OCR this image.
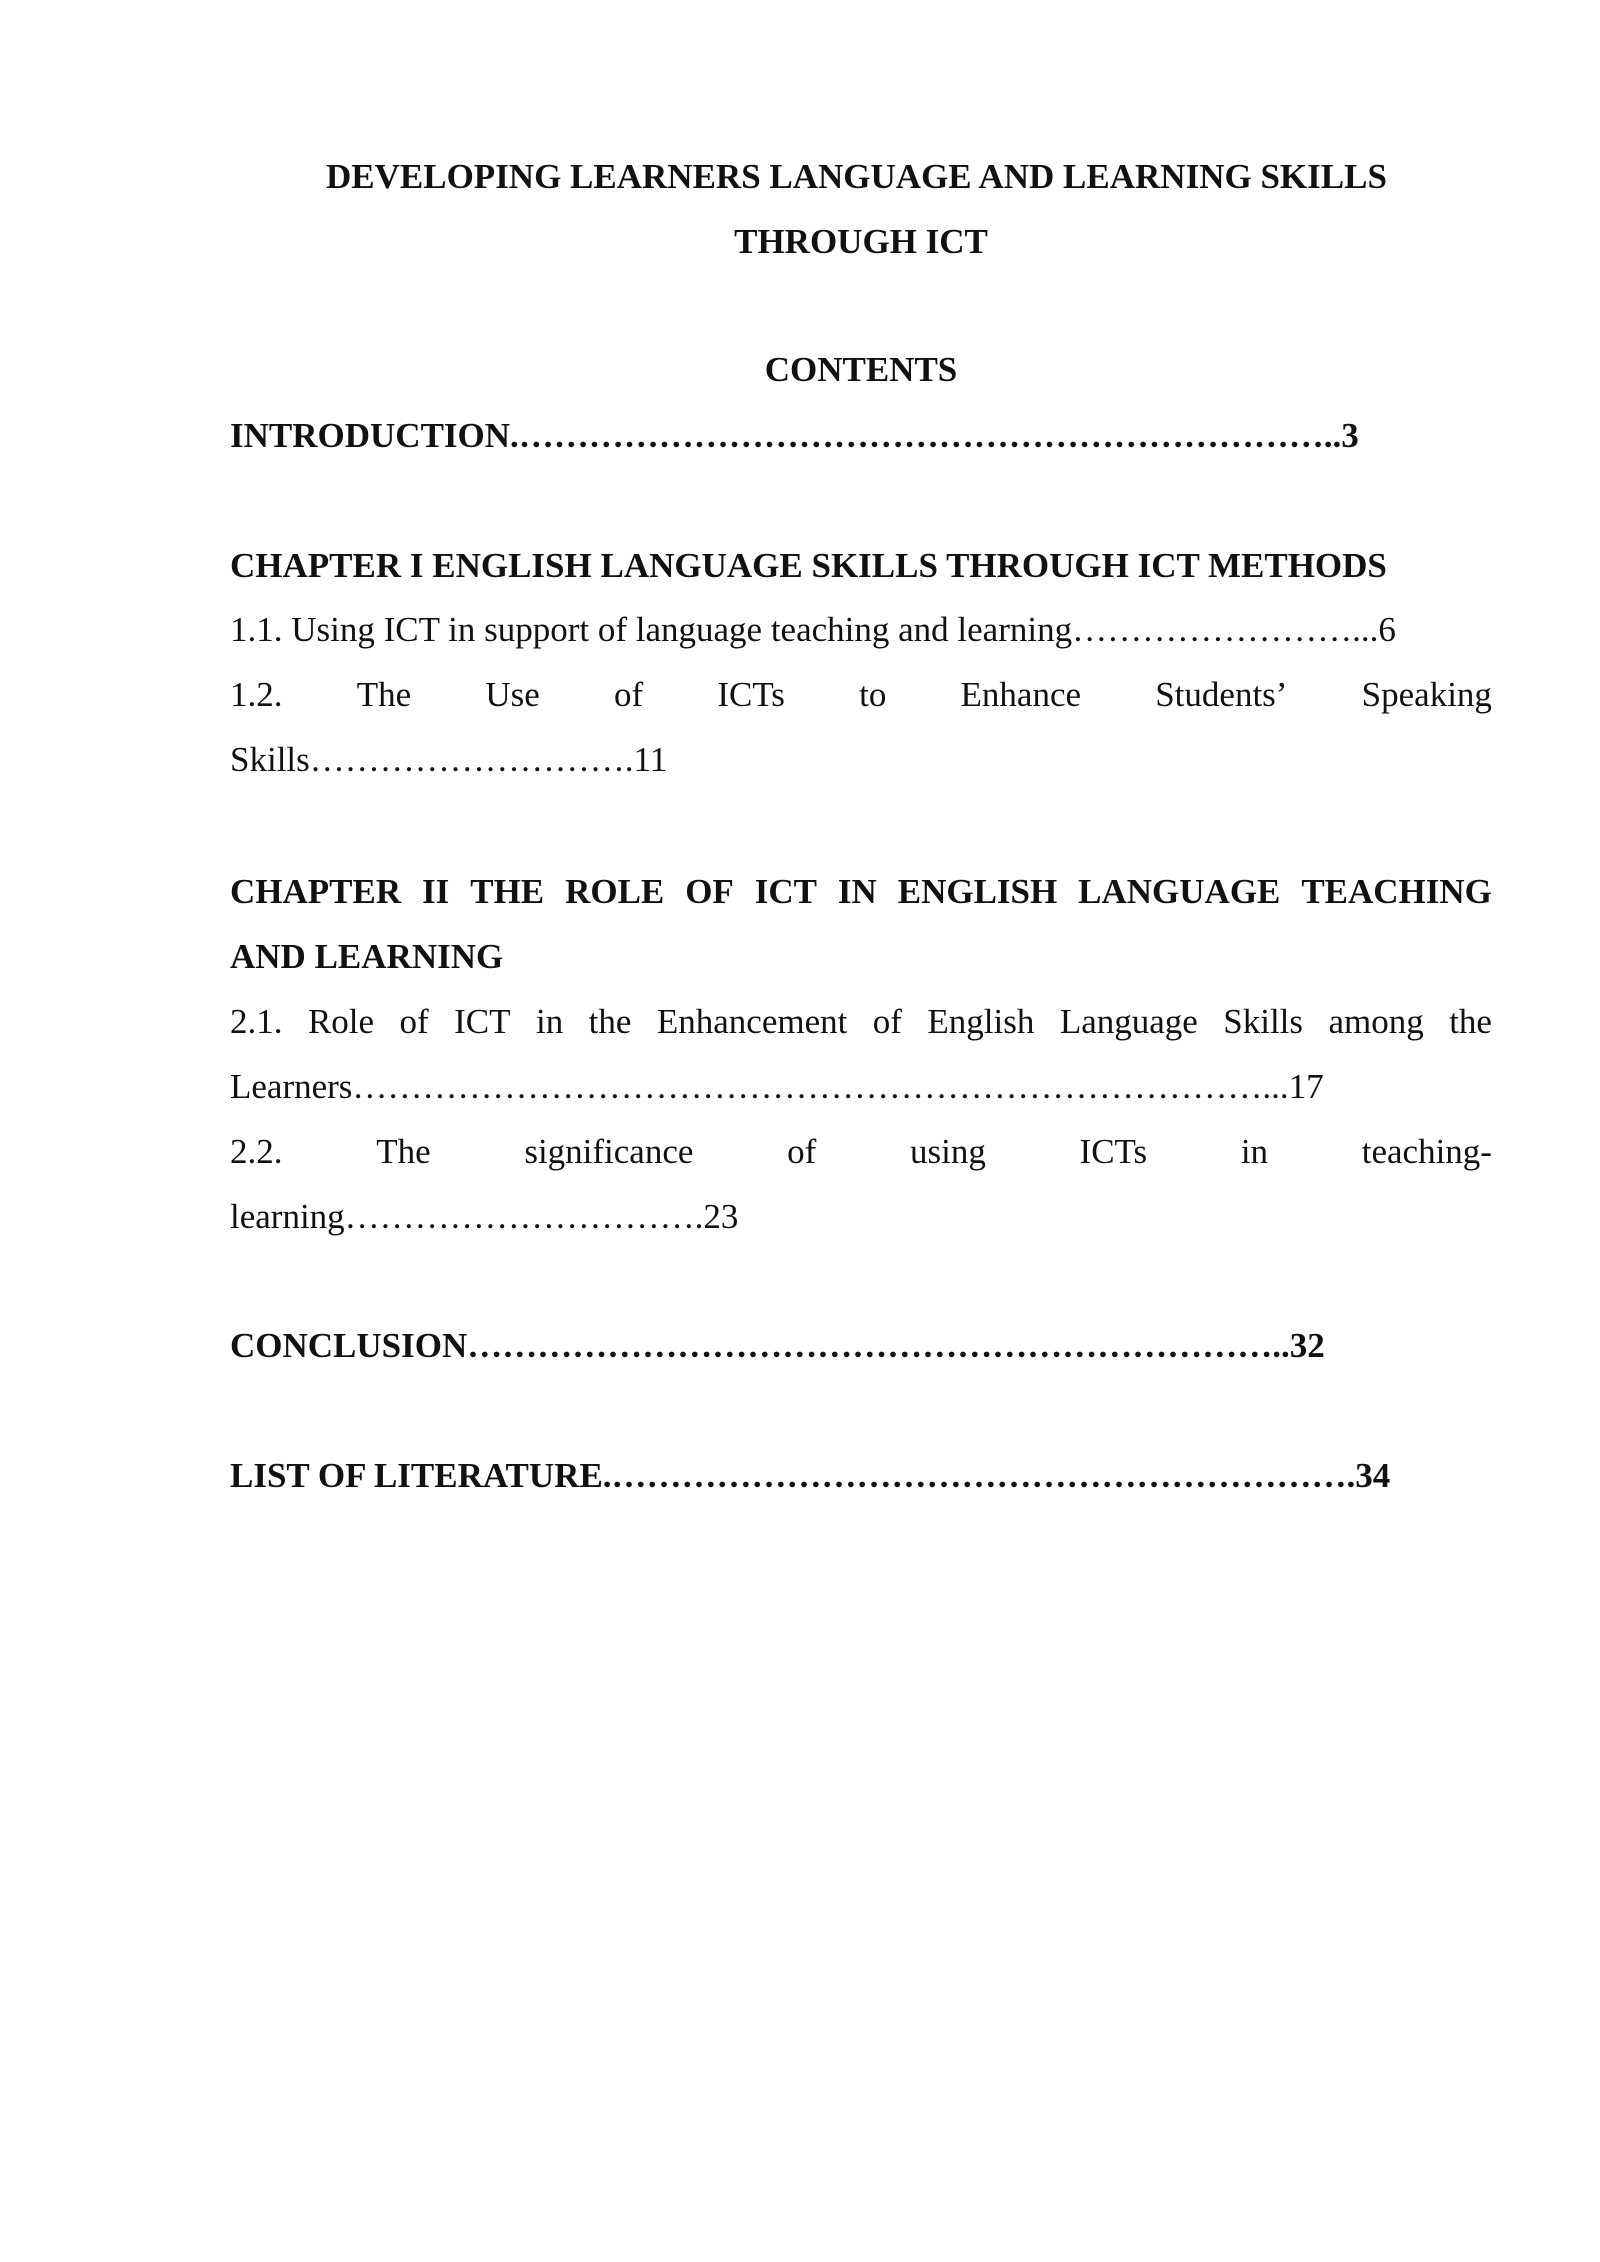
DEVELOPING LEARNERS LANGUAGE AND LEARNING SKILLS
THROUGH ICT
CONTENTS
INTRODUCTION.……………………………………………………………..3
CHAPTER I ENGLISH LANGUAGE SKILLS THROUGH ICT METHODS
1.1. Using ICT in support of language teaching and learning……………………...6
1.2. The Use of ICTs to Enhance Students’ Speaking
Skills……………………….11
CHAPTER II THE ROLE OF ICT IN ENGLISH LANGUAGE TEACHING
AND LEARNING
2.1. Role of ICT in the Enhancement of English Language Skills among the
Learners……………………………………………………………………...17
2.2.	The	significance	of	using	ICTs	in	teaching-
learning………………………….23
CONCLUSION……………………………………………………………..32
LIST OF LITERATURE.……………………………………………………….34
